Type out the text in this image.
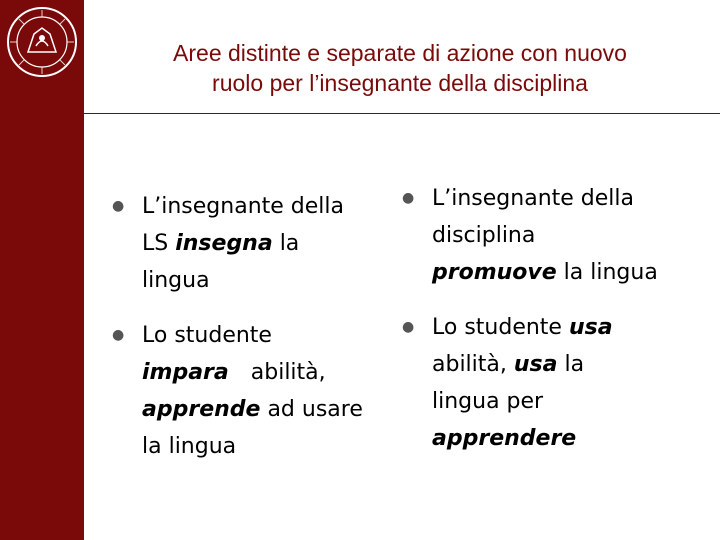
Aree distinte e separate di azione con nuovo
ruolo per l’insegnante della disciplina
● L’insegnante della
LS insegna la
lingua
● Lo studente
impara abilità,
apprende ad usare
la lingua
● L’insegnante della
disciplina
promuove la lingua
● Lo studente usa
abilità, usa la
lingua per
apprendere
